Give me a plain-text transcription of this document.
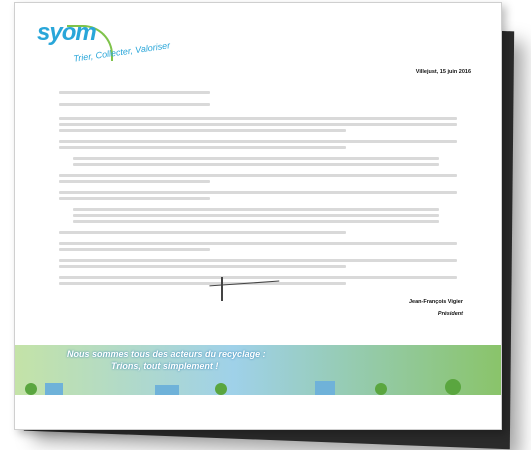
syom
Trier, Collecter, Valoriser
Villejust, 15 juin 2016
Jean-François Vigier
Président
Nous sommes tous des acteurs du recyclage :
Trions, tout simplement !
